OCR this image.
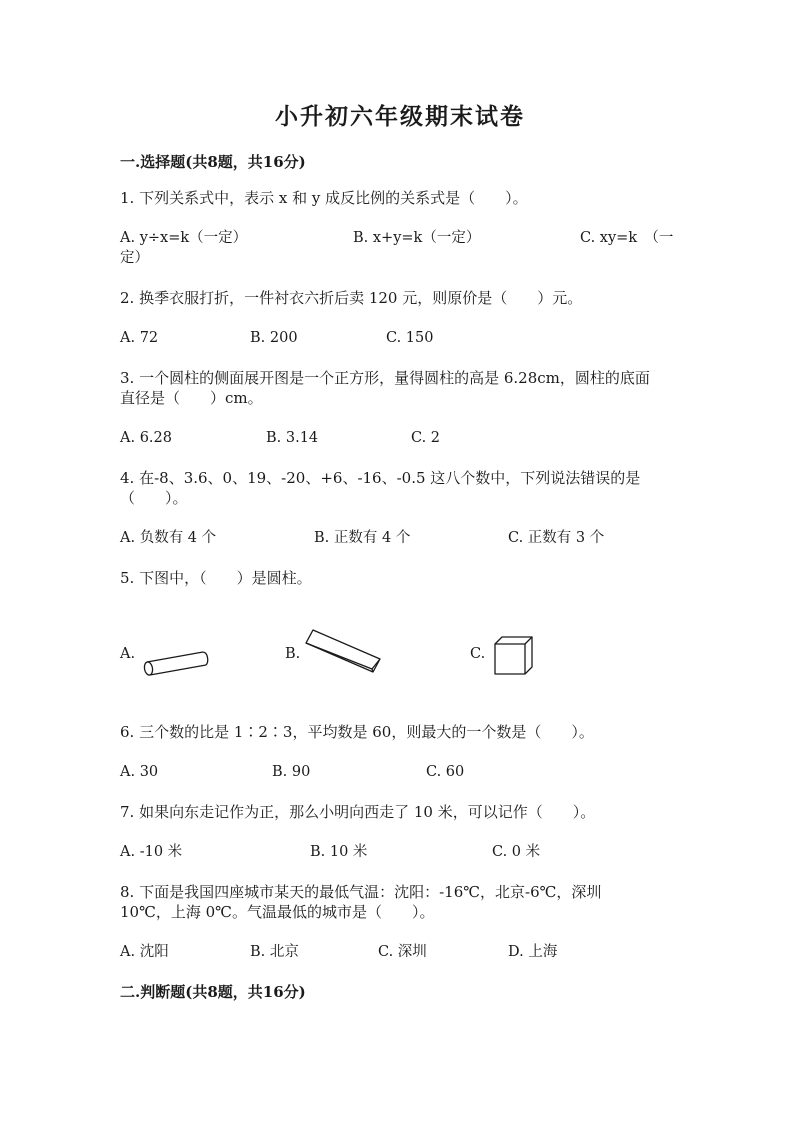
小升初六年级期末试卷
一.选择题(共8题，共16分)
1. 下列关系式中，表示 x 和 y 成反比例的关系式是（　　）。
A. y÷x=k（一定）	B. x+y=k（一定）	C. xy=k　（一
定）
2. 换季衣服打折，一件衬衣六折后卖 120 元，则原价是（　　）元。
A. 72	B. 200	C. 150
3. 一个圆柱的侧面展开图是一个正方形，量得圆柱的高是 6.28cm，圆柱的底面
直径是（　　）cm。
A. 6.28	B. 3.14	C. 2
4. 在-8、3.6、0、19、-20、+6、-16、-0.5 这八个数中，下列说法错误的是
（　　）。
A. 负数有 4 个	B. 正数有 4 个	C. 正数有 3 个
5. 下图中，（　　）是圆柱。
A.	B.	C.
6. 三个数的比是 1∶2∶3，平均数是 60，则最大的一个数是（　　）。
A. 30	B. 90	C. 60
7. 如果向东走记作为正，那么小明向西走了 10 米，可以记作（　　）。
A. -10 米	B. 10 米	C. 0 米
8. 下面是我国四座城市某天的最低气温：沈阳：-16℃，北京-6℃，深圳
10℃，上海 0℃。气温最低的城市是（　　）。
A. 沈阳	B. 北京	C. 深圳	D. 上海
二.判断题(共8题，共16分)
